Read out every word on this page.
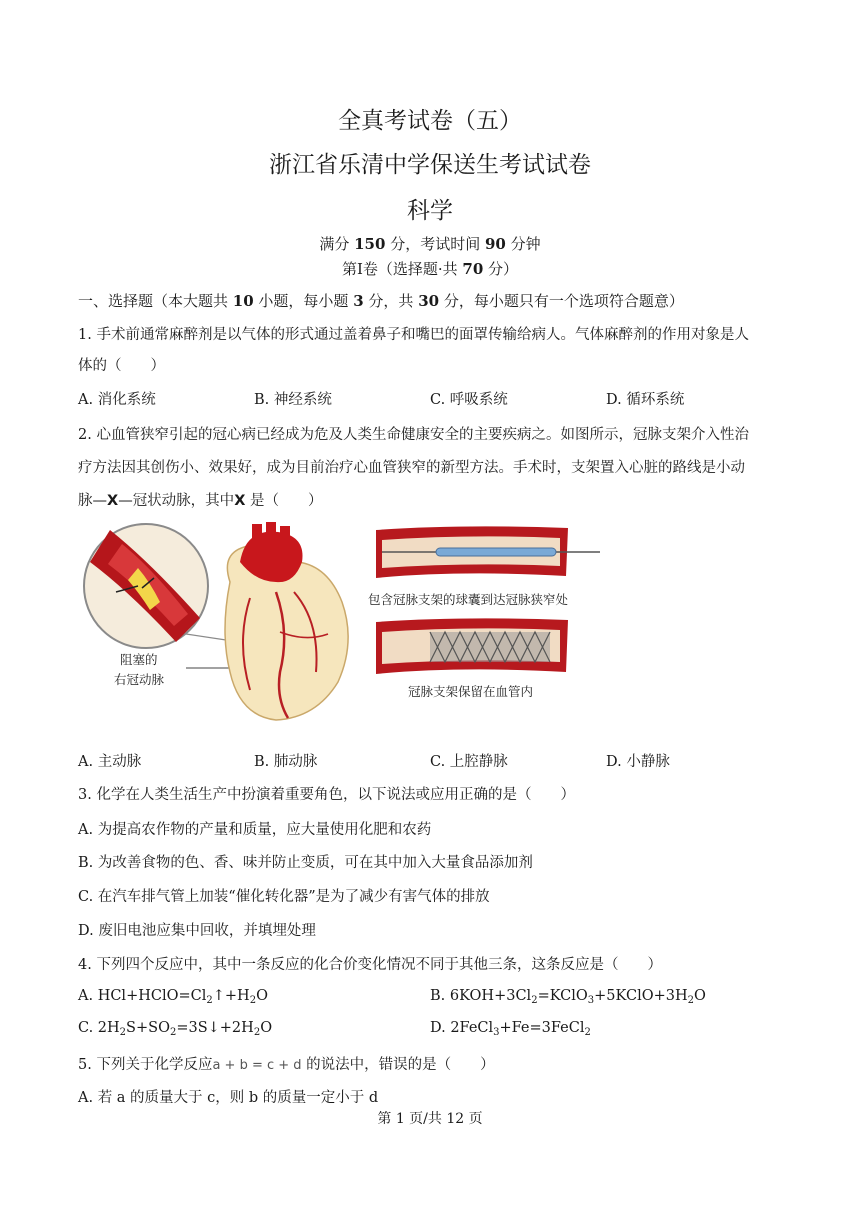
全真考试卷（五）
浙江省乐清中学保送生考试试卷
科学
满分 150 分，考试时间 90 分钟
第Ⅰ卷（选择题·共 70 分）
一、选择题（本大题共 10 小题，每小题 3 分，共 30 分，每小题只有一个选项符合题意）
1. 手术前通常麻醉剂是以气体的形式通过盖着鼻子和嘴巴的面罩传输给病人。气体麻醉剂的作用对象是人
体的（　　）
A. 消化系统	B. 神经系统	C. 呼吸系统	D. 循环系统
2. 心血管狭窄引起的冠心病已经成为危及人类生命健康安全的主要疾病之。如图所示，冠脉支架介入性治
疗方法因其创伤小、效果好，成为目前治疗心血管狭窄的新型方法。手术时，支架置入心脏的路线是小动
脉—X—冠状动脉，其中X 是（　　）
阻塞的
右冠动脉
包含冠脉支架的球囊到达冠脉狭窄处
冠脉支架保留在血管内
A. 主动脉	B. 肺动脉	C. 上腔静脉	D. 小静脉
3. 化学在人类生活生产中扮演着重要角色，以下说法或应用正确的是（　　）
A. 为提高农作物的产量和质量，应大量使用化肥和农药
B. 为改善食物的色、香、味并防止变质，可在其中加入大量食品添加剂
C. 在汽车排气管上加装“催化转化器”是为了减少有害气体的排放
D. 废旧电池应集中回收，并填埋处理
4. 下列四个反应中，其中一条反应的化合价变化情况不同于其他三条，这条反应是（　　）
A. $HCl+HClO=Cl_2↑+H_2O$	B. $6KOH+3Cl_2=KClO_3+5KClO+3H_2O$
C. $2H_2S+SO_2=3S↓+2H_2O$	D. 2FeCl$_3$+Fe=3FeCl$_2$
5. 下列关于化学反应a + b = c + d 的说法中，错误的是（　　）
A. 若 a 的质量大于 c，则 b 的质量一定小于 d
第 1 页/共 12 页
